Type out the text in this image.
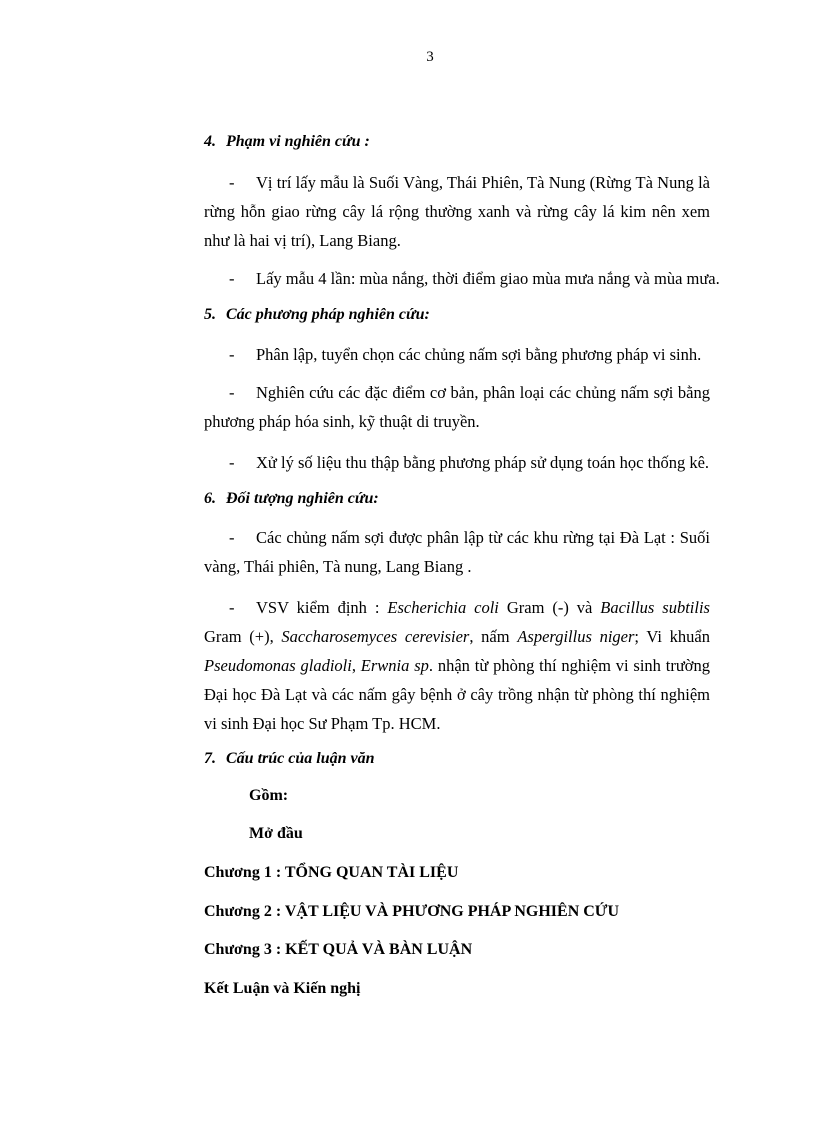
3
4. Phạm vi nghiên cứu :
- Vị trí lấy mẫu là Suối Vàng, Thái Phiên, Tà Nung (Rừng Tà Nung là rừng hỗn giao rừng cây lá rộng thường xanh và rừng cây lá kim nên xem như là hai vị trí), Lang Biang.
- Lấy mẫu 4 lần: mùa nắng, thời điểm giao mùa mưa nắng và mùa mưa.
5. Các phương pháp nghiên cứu:
- Phân lập, tuyển chọn các chủng nấm sợi bằng phương pháp vi sinh.
- Nghiên cứu các đặc điểm cơ bản, phân loại các chủng nấm sợi bằng phương pháp hóa sinh, kỹ thuật di truyền.
- Xử lý số liệu thu thập bằng phương pháp sử dụng toán học thống kê.
6. Đối tượng nghiên cứu:
- Các chủng nấm sợi được phân lập từ các khu rừng tại Đà Lạt : Suối vàng, Thái phiên, Tà nung, Lang Biang .
- VSV kiểm định : Escherichia coli Gram (-) và Bacillus subtilis Gram (+), Saccharosemyces cerevisier, nấm Aspergillus niger; Vi khuẩn Pseudomonas gladioli, Erwnia sp. nhận từ phòng thí nghiệm vi sinh trường Đại học Đà Lạt và các nấm gây bệnh ở cây trồng nhận từ phòng thí nghiệm vi sinh Đại học Sư Phạm Tp. HCM.
7. Cấu trúc của luận văn
Gồm:
Mở đầu
Chương 1 : TỔNG QUAN TÀI LIỆU
Chương 2 : VẬT LIỆU VÀ PHƯƠNG PHÁP NGHIÊN CỨU
Chương 3 : KẾT QUẢ VÀ BÀN LUẬN
Kết Luận và Kiến nghị
